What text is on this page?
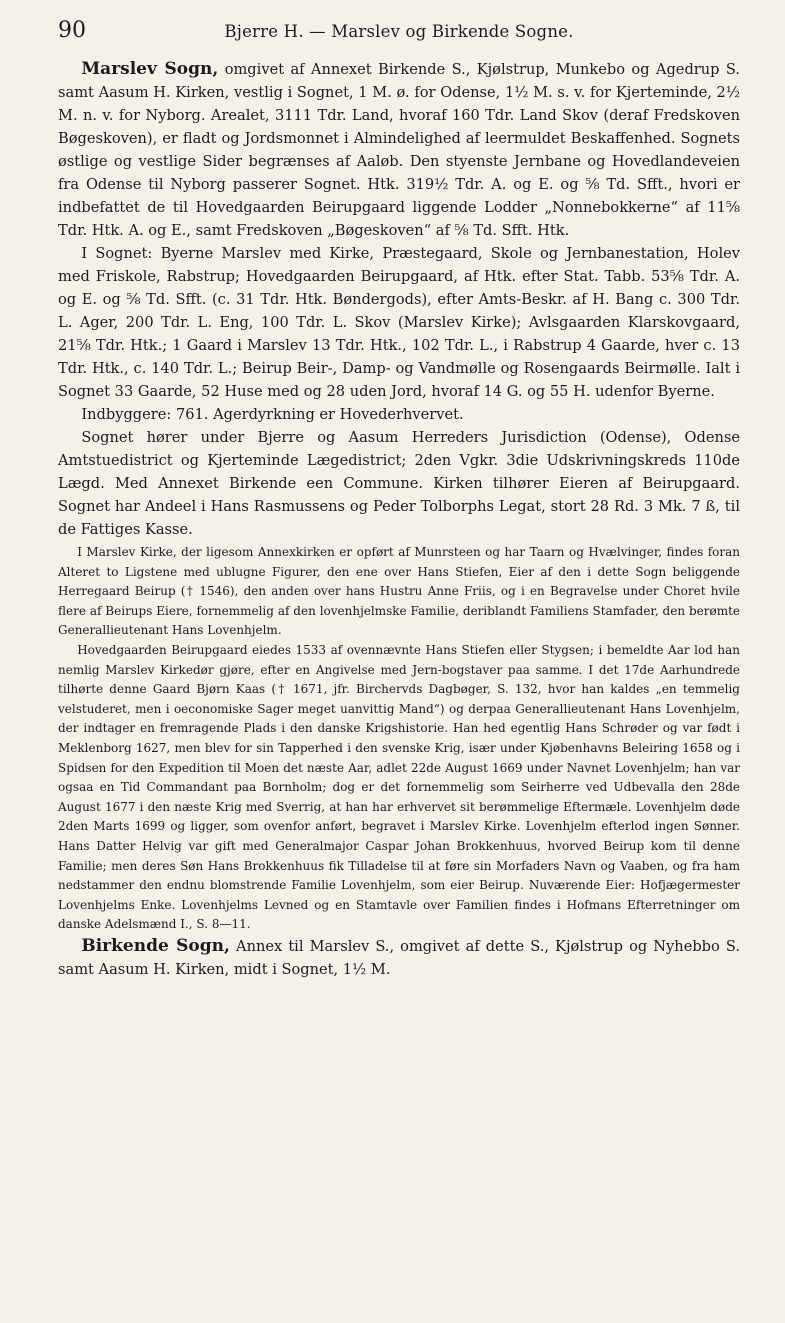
90	Bjerre H. — Marslev og Birkende Sogne.

Marslev Sogn, omgivet af Annexet Birkende S., Kjølstrup, Munkebo og Agedrup S. samt Aasum H. Kirken, vestlig i Sognet, 1 M. ø. for Odense, 1½ M. s. v. for Kjerteminde, 2½ M. n. v. for Nyborg. Arealet, 3111 Tdr. Land, hvoraf 160 Tdr. Land Skov (deraf Fredskoven Bøgeskoven), er fladt og Jordsmonnet i Almindelighed af leermuldet Beskaffenhed. Sognets østlige og vestlige Sider begrænses af Aaløb. Den styenste Jernbane og Hovedlandeveien fra Odense til Nyborg passerer Sognet. Htk. 319½ Tdr. A. og E. og ⅝ Td. Sfft., hvori er indbefattet de til Hovedgaarden Beirupgaard liggende Lodder „Nonnebokkerne“ af 11⅝ Tdr. Htk. A. og E., samt Fredskoven „Bøgeskoven“ af ⅝ Td. Sfft. Htk.

I Sognet: Byerne Marslev med Kirke, Præstegaard, Skole og Jernbanestation, Holev med Friskole, Rabstrup; Hovedgaarden Beirupgaard, af Htk. efter Stat. Tabb. 53⅝ Tdr. A. og E. og ⅝ Td. Sfft. (c. 31 Tdr. Htk. Bøndergods), efter Amts-Beskr. af H. Bang c. 300 Tdr. L. Ager, 200 Tdr. L. Eng, 100 Tdr. L. Skov (Marslev Kirke); Avlsgaarden Klarskovgaard, 21⅝ Tdr. Htk.; 1 Gaard i Marslev 13 Tdr. Htk., 102 Tdr. L., i Rabstrup 4 Gaarde, hver c. 13 Tdr. Htk., c. 140 Tdr. L.; Beirup Beir-, Damp- og Vandmølle og Rosengaards Beirmølle. Ialt i Sognet 33 Gaarde, 52 Huse med og 28 uden Jord, hvoraf 14 G. og 55 H. udenfor Byerne.

Indbyggere: 761. Agerdyrkning er Hovederhvervet.

Sognet hører under Bjerre og Aasum Herreders Jurisdiction (Odense), Odense Amtstuedistrict og Kjerteminde Lægedistrict; 2den Vgkr. 3die Udskrivningskreds 110de Lægd. Med Annexet Birkende een Commune. Kirken tilhører Eieren af Beirupgaard. Sognet har Andeel i Hans Rasmussens og Peder Tolborphs Legat, stort 28 Rd. 3 Mk. 7 ß, til de Fattiges Kasse.

I Marslev Kirke, der ligesom Annexkirken er opført af Munrsteen og har Taarn og Hvælvinger, findes foran Alteret to Ligstene med ublugne Figurer, den ene over Hans Stiefen, Eier af den i dette Sogn beliggende Herregaard Beirup († 1546), den anden over hans Hustru Anne Friis, og i en Begravelse under Choret hvile flere af Beirups Eiere, fornemmelig af den lovenhjelmske Familie, deriblandt Familiens Stamfader, den berømte Generallieutenant Hans Lovenhjelm.

Hovedgaarden Beirupgaard eiedes 1533 af ovennævnte Hans Stiefen eller Stygsen; i bemeldte Aar lod han nemlig Marslev Kirkedør gjøre, efter en Angivelse med Jern-bogstaver paa samme. I det 17de Aarhundrede tilhørte denne Gaard Bjørn Kaas († 1671, jfr. Birchervds Dagbøger, S. 132, hvor han kaldes „en temmelig velstuderet, men i oeconomiske Sager meget uanvittig Mand“) og derpaa Generallieutenant Hans Lovenhjelm, der indtager en fremragende Plads i den danske Krigshistorie. Han hed egentlig Hans Schrøder og var født i Meklenborg 1627, men blev for sin Tapperhed i den svenske Krig, især under Kjøbenhavns Beleiring 1658 og i Spidsen for den Expedition til Moen det næste Aar, adlet 22de August 1669 under Navnet Lovenhjelm; han var ogsaa en Tid Commandant paa Bornholm; dog er det fornemmelig som Seirherre ved Udbevalla den 28de August 1677 i den næste Krig med Sverrig, at han har erhvervet sit berømmelige Eftermæle. Lovenhjelm døde 2den Marts 1699 og ligger, som ovenfor anført, begravet i Marslev Kirke. Lovenhjelm efterlod ingen Sønner. Hans Datter Helvig var gift med Generalmajor Caspar Johan Brokkenhuus, hvorved Beirup kom til denne Familie; men deres Søn Hans Brokkenhuus fik Tilladelse til at føre sin Morfaders Navn og Vaaben, og fra ham nedstammer den endnu blomstrende Familie Lovenhjelm, som eier Beirup. Nuværende Eier: Hofjægermester Lovenhjelms Enke. Lovenhjelms Levned og en Stamtavle over Familien findes i Hofmans Efterretninger om danske Adelsmænd I., S. 8—11.

Birkende Sogn, Annex til Marslev S., omgivet af dette S., Kjølstrup og Nyhebbo S. samt Aasum H. Kirken, midt i Sognet, 1½ M.
